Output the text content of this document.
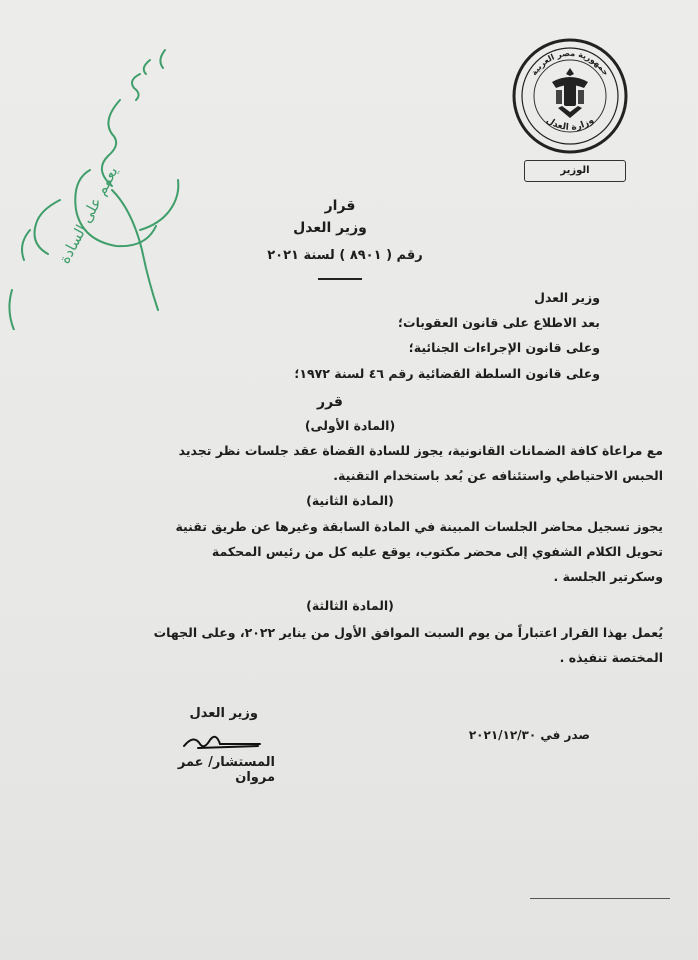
يعمم على السادة
جمهورية مصر العربية
وزارة العدل
الوزير
قرار
وزير العدل
رقم ( ٨٩٠١ ) لسنة ٢٠٢١
وزير العدل
بعد الاطلاع على قانون العقوبات؛
وعلى قانون الإجراءات الجنائية؛
وعلى قانون السلطة القضائية رقم ٤٦ لسنة ١٩٧٢؛
قرر
(المادة الأولى)
مع مراعاة كافة الضمانات القانونية، يجوز للسادة القضاة عقد جلسات نظر تجديد
الحبس الاحتياطي واستئنافه عن بُعد باستخدام التقنية.
(المادة الثانية)
يجوز تسجيل محاضر الجلسات المبينة في المادة السابقة وغيرها عن طريق تقنية
تحويل الكلام الشفوي إلى محضر مكتوب، يوقع عليه كل من رئيس المحكمة
وسكرتير الجلسة .
(المادة الثالثة)
يُعمل بهذا القرار اعتباراً من يوم السبت الموافق الأول من يناير ٢٠٢٢، وعلى الجهات
المختصة تنفيذه .
وزير العدل
المستشار/ عمر مروان
صدر في ٢٠٢١/١٢/٣٠
